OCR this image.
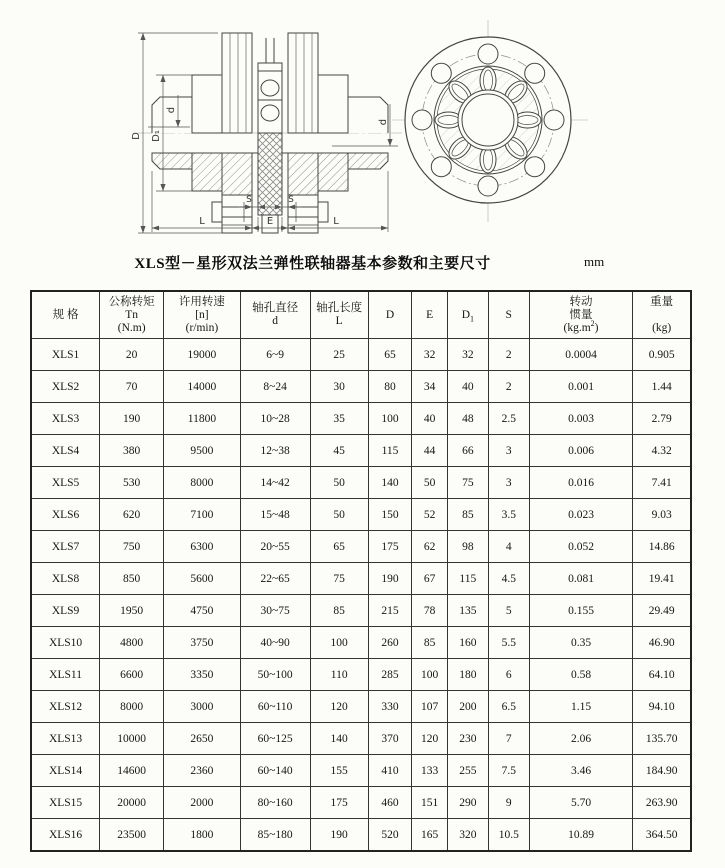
D D₁
d
d
S	S
L	E	L
XLS型－星形双法兰弹性联轴器基本参数和主要尺寸	mm
规 格

公称转矩
Tn
(N.m)

许用转速
[n]
(r/min)

轴孔直径
d

轴孔长度
L

D	E	$D_1$	S

转动
惯量
$(kg.m^2)$

重量

(kg)

XLS1	20	19000	6~9	25	65	32	32	2	0.0004	0.905
XLS2	70	14000	8~24	30	80	34	40	2	0.001	1.44
XLS3	190	11800	10~28	35	100	40	48	2.5	0.003	2.79
XLS4	380	9500	12~38	45	115	44	66	3	0.006	4.32
XLS5	530	8000	14~42	50	140	50	75	3	0.016	7.41
XLS6	620	7100	15~48	50	150	52	85	3.5	0.023	9.03
XLS7	750	6300	20~55	65	175	62	98	4	0.052	14.86
XLS8	850	5600	22~65	75	190	67	115	4.5	0.081	19.41
XLS9	1950	4750	30~75	85	215	78	135	5	0.155	29.49
XLS10	4800	3750	40~90	100	260	85	160	5.5	0.35	46.90
XLS11	6600	3350	50~100	110	285	100	180	6	0.58	64.10
XLS12	8000	3000	60~110	120	330	107	200	6.5	1.15	94.10
XLS13	10000	2650	60~125	140	370	120	230	7	2.06	135.70
XLS14	14600	2360	60~140	155	410	133	255	7.5	3.46	184.90
XLS15	20000	2000	80~160	175	460	151	290	9	5.70	263.90
XLS16	23500	1800	85~180	190	520	165	320	10.5	10.89	364.50
